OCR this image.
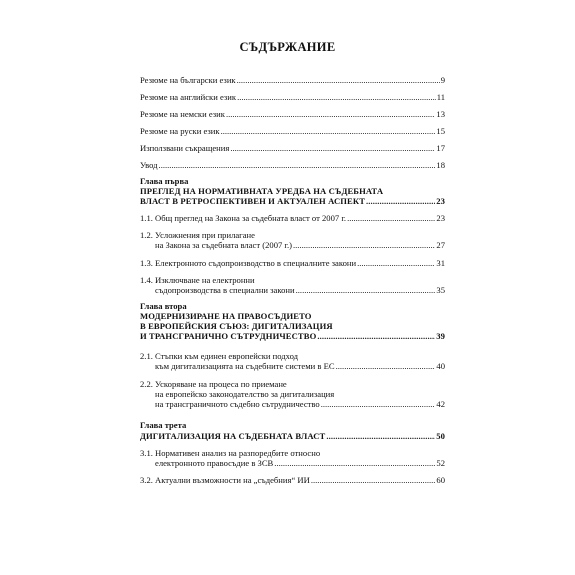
СЪДЪРЖАНИЕ
Резюме на български език .....	9
Резюме на английски език .....	11
Резюме на немски език .....	13
Резюме на руски език .....	15
Използвани съкращения .....	17
Увод .....	18
Глава първа
ПРЕГЛЕД НА НОРМАТИВНАТА УРЕДБА НА СЪДЕБНАТА
ВЛАСТ В РЕТРОСПЕКТИВЕН И АКТУАЛЕН АСПЕКТ .....	23
1.1. Общ преглед на Закона за съдебната власт от 2007 г. .....	23
1.2. Усложнения при прилагане
на Закона за съдебната власт (2007 г.) .....	27
1.3. Електронното съдопроизводство в специалните закони .....	31
1.4. Изключване на електронни
съдопроизводства в специални закони .....	35
Глава втора
МОДЕРНИЗИРАНЕ НА ПРАВОСЪДИЕТО
В ЕВРОПЕЙСКИЯ СЪЮЗ: ДИГИТАЛИЗАЦИЯ
И ТРАНСГРАНИЧНО СЪТРУДНИЧЕСТВО .....	39
2.1. Стъпки към единен европейски подход
към дигитализацията на съдебните системи в ЕС .....	40
2.2. Ускоряване на процеса по приемане
на европейско законодателство за дигитализация
на трансграничното съдебно сътрудничество .....	42
Глава трета
ДИГИТАЛИЗАЦИЯ НА СЪДЕБНАТА ВЛАСТ .....	50
3.1. Нормативен анализ на разпоредбите относно
електронното правосъдие в ЗСВ .....	52
3.2. Актуални възможности на „съдебния“ ИИ .....	60
